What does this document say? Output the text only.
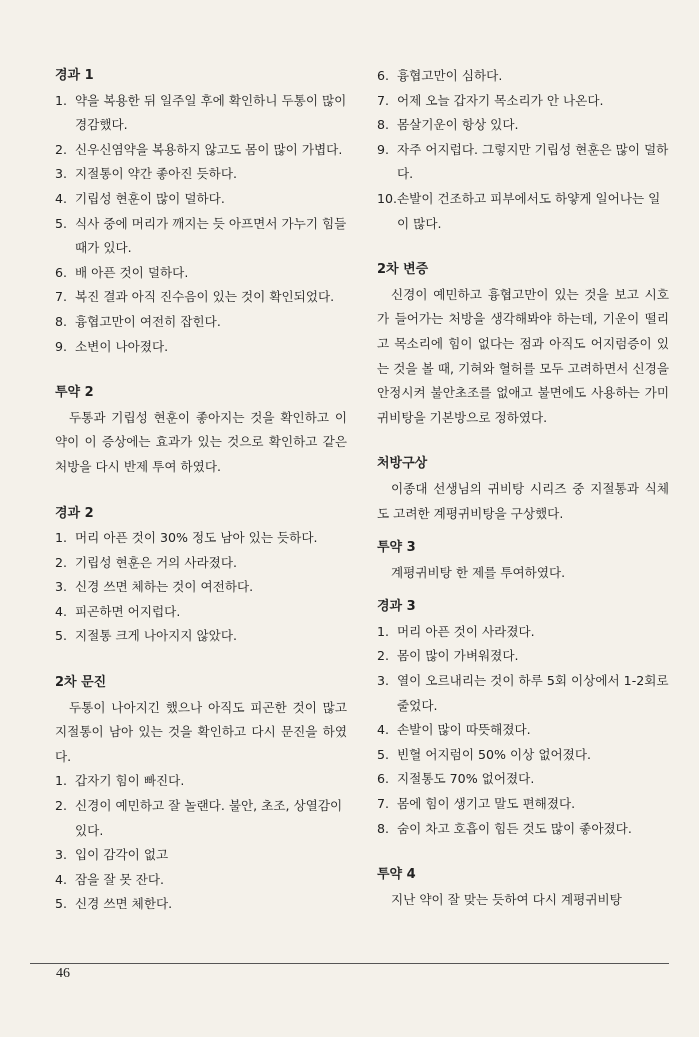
경과 1
1. 약을 복용한 뒤 일주일 후에 확인하니 두통이 많이 경감했다.
2. 신우신염약을 복용하지 않고도 몸이 많이 가볍다.
3. 지절통이 약간 좋아진 듯하다.
4. 기립성 현훈이 많이 덜하다.
5. 식사 중에 머리가 깨지는 듯 아프면서 가누기 힘들 때가 있다.
6. 배 아픈 것이 덜하다.
7. 복진 결과 아직 진수음이 있는 것이 확인되었다.
8. 흉협고만이 여전히 잡힌다.
9. 소변이 나아졌다.
투약 2
두통과 기립성 현훈이 좋아지는 것을 확인하고 이 약이 이 증상에는 효과가 있는 것으로 확인하고 같은 처방을 다시 반제 투여 하였다.
경과 2
1. 머리 아픈 것이 30% 정도 남아 있는 듯하다.
2. 기립성 현훈은 거의 사라졌다.
3. 신경 쓰면 체하는 것이 여전하다.
4. 피곤하면 어지럽다.
5. 지절통 크게 나아지지 않았다.
2차 문진
두통이 나아지긴 했으나 아직도 피곤한 것이 많고 지절통이 남아 있는 것을 확인하고 다시 문진을 하였다.
1. 갑자기 힘이 빠진다.
2. 신경이 예민하고 잘 놀랜다. 불안, 초조, 상열감이 있다.
3. 입이 감각이 없고
4. 잠을 잘 못 잔다.
5. 신경 쓰면 체한다.
6. 흉협고만이 심하다.
7. 어제 오늘 갑자기 목소리가 안 나온다.
8. 몸살기운이 항상 있다.
9. 자주 어지럽다. 그렇지만 기립성 현훈은 많이 덜하다.
10. 손발이 건조하고 피부에서도 하얗게 일어나는 일이 많다.
2차 변증
신경이 예민하고 흉협고만이 있는 것을 보고 시호가 들어가는 처방을 생각해봐야 하는데, 기운이 떨리고 목소리에 힘이 없다는 점과 아직도 어지럼증이 있는 것을 볼 때, 기혀와 혈허를 모두 고려하면서 신경을 안정시켜 불안초조를 없애고 불면에도 사용하는 가미귀비탕을 기본방으로 정하였다.
처방구상
이종대 선생님의 귀비탕 시리즈 중 지절통과 식체도 고려한 계평귀비탕을 구상했다.
투약 3
계평귀비탕 한 제를 투여하였다.
경과 3
1. 머리 아픈 것이 사라졌다.
2. 몸이 많이 가벼워졌다.
3. 열이 오르내리는 것이 하루 5회 이상에서 1-2회로 줄었다.
4. 손발이 많이 따뜻해졌다.
5. 빈혈 어지럼이 50% 이상 없어졌다.
6. 지절통도 70% 없어졌다.
7. 몸에 힘이 생기고 말도 편해졌다.
8. 숨이 차고 호흡이 힘든 것도 많이 좋아졌다.
투약 4
지난 약이 잘 맞는 듯하여 다시 계평귀비탕
46
